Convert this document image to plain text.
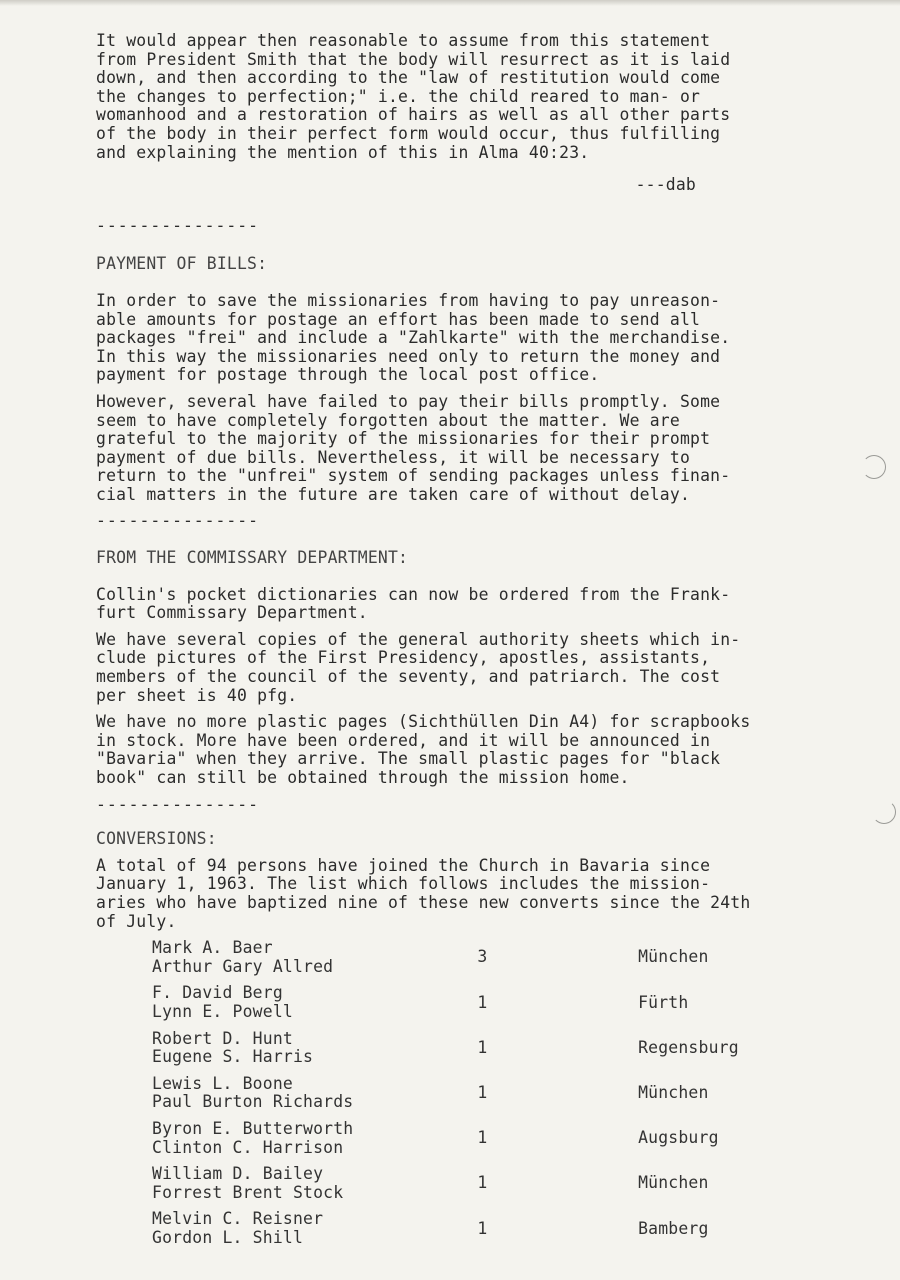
It would appear then reasonable to assume from this statement
from President Smith that the body will resurrect as it is laid
down, and then according to the "law of restitution would come
the changes to perfection;" i.e. the child reared to man- or
womanhood and a restoration of hairs as well as all other parts
of the body in their perfect form would occur, thus fulfilling
and explaining the mention of this in Alma 40:23.

---dab

---------------
PAYMENT OF BILLS:

In order to save the missionaries from having to pay unreason-
able amounts for postage an effort has been made to send all
packages "frei" and include a "Zahlkarte" with the merchandise.
In this way the missionaries need only to return the money and
payment for postage through the local post office.

However, several have failed to pay their bills promptly. Some
seem to have completely forgotten about the matter. We are
grateful to the majority of the missionaries for their prompt
payment of due bills. Nevertheless, it will be necessary to
return to the "unfrei" system of sending packages unless finan-
cial matters in the future are taken care of without delay.

---------------
FROM THE COMMISSARY DEPARTMENT:

Collin's pocket dictionaries can now be ordered from the Frank-
furt Commissary Department.

We have several copies of the general authority sheets which in-
clude pictures of the First Presidency, apostles, assistants,
members of the council of the seventy, and patriarch. The cost
per sheet is 40 pfg.

We have no more plastic pages (Sichthüllen Din A4) for scrapbooks
in stock. More have been ordered, and it will be announced in
"Bavaria" when they arrive. The small plastic pages for "black
book" can still be obtained through the mission home.

---------------
CONVERSIONS:

A total of 94 persons have joined the Church in Bavaria since
January 1, 1963. The list which follows includes the mission-
aries who have baptized nine of these new converts since the 24th
of July.

Mark A. Baer
Arthur Gary Allred	3	München
F. David Berg
Lynn E. Powell	1	Fürth
Robert D. Hunt
Eugene S. Harris	1	Regensburg
Lewis L. Boone
Paul Burton Richards	1	München
Byron E. Butterworth
Clinton C. Harrison	1	Augsburg
William D. Bailey
Forrest Brent Stock	1	München
Melvin C. Reisner
Gordon L. Shill	1	Bamberg
